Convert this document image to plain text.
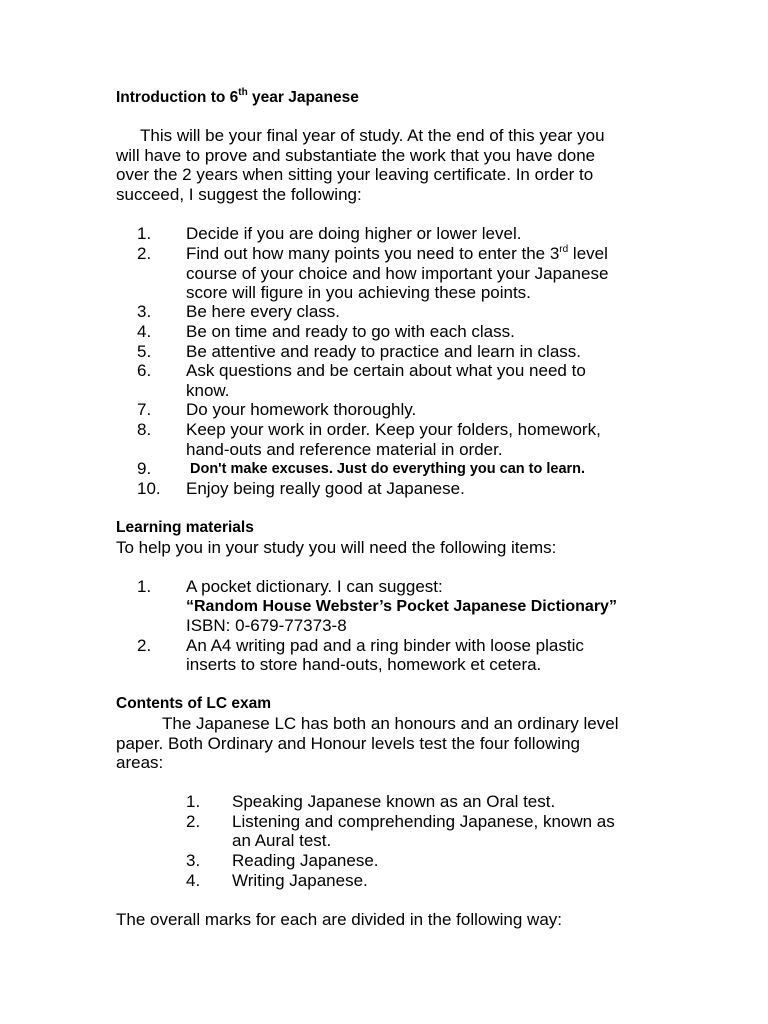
Introduction to 6th year Japanese
This will be your final year of study. At the end of this year you
will have to prove and substantiate the work that you have done
over the 2 years when sitting your leaving certificate. In order to
succeed, I suggest the following:
1. Decide if you are doing higher or lower level.
2. Find out how many points you need to enter the 3rd level
course of your choice and how important your Japanese
score will figure in you achieving these points.
3. Be here every class.
4. Be on time and ready to go with each class.
5. Be attentive and ready to practice and learn in class.
6. Ask questions and be certain about what you need to
know.
7. Do your homework thoroughly.
8. Keep your work in order. Keep your folders, homework,
hand-outs and reference material in order.
9.	Don't make excuses. Just do everything you can to learn.
10. Enjoy being really good at Japanese.
Learning materials
To help you in your study you will need the following items:
1. A pocket dictionary. I can suggest:
“Random House Webster’s Pocket Japanese Dictionary”
ISBN: 0-679-77373-8
2. An A4 writing pad and a ring binder with loose plastic
inserts to store hand-outs, homework et cetera.
Contents of LC exam
The Japanese LC has both an honours and an ordinary level
paper. Both Ordinary and Honour levels test the four following
areas:
1. Speaking Japanese known as an Oral test.
2. Listening and comprehending Japanese, known as
an Aural test.
3. Reading Japanese.
4. Writing Japanese.
The overall marks for each are divided in the following way:
